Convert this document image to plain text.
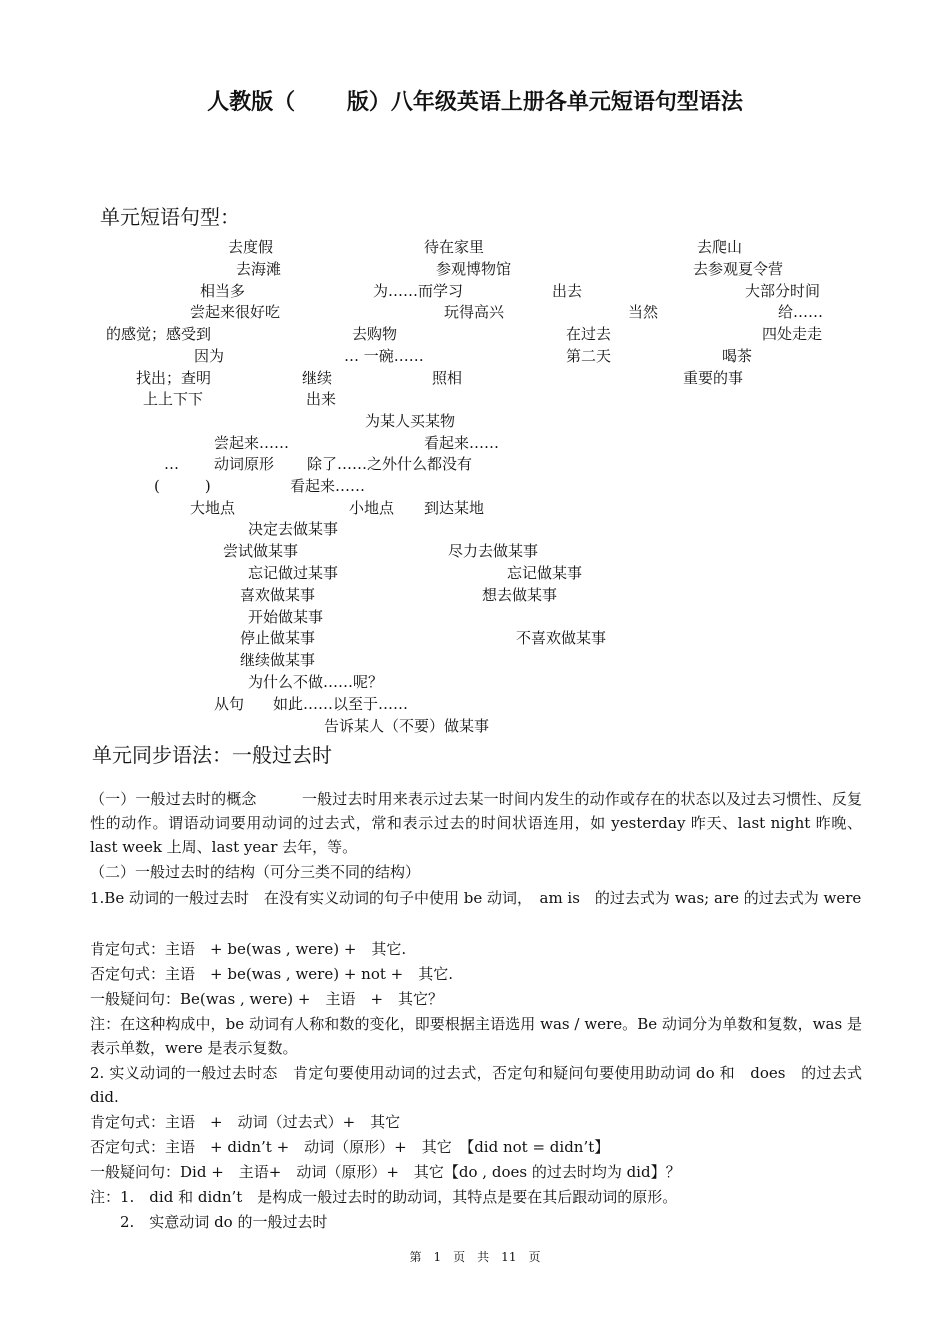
人教版（　　 版）八年级英语上册各单元短语句型语法
单元短语句型：
去度假	待在家里	去爬山
去海滩	参观博物馆	去参观夏令营
相当多	为……而学习	出去	大部分时间
尝起来很好吃	玩得高兴	当然	给……
的感觉；感受到	去购物	在过去	四处走走
因为	… 一碗……	第二天	喝茶
找出；查明	继续	照相	重要的事
上上下下	出来
为某人买某物
尝起来……	看起来……
… 动词原形 除了……之外什么都没有
(　　　)	看起来……
大地点	小地点 到达某地
决定去做某事
尝试做某事	尽力去做某事
忘记做过某事	忘记做某事
喜欢做某事	想去做某事
开始做某事
停止做某事	不喜欢做某事
继续做某事
为什么不做……呢？
从句 如此……以至于……
告诉某人（不要）做某事
单元同步语法：一般过去时
（一）一般过去时的概念　　　一般过去时用来表示过去某一时间内发生的动作或存在的状态以及过去习惯性、反复性的动作。谓语动词要用动词的过去式，常和表示过去的时间状语连用，如 yesterday 昨天、last night 昨晚、last week 上周、last year 去年，等。
（二）一般过去时的结构（可分三类不同的结构）
1.Be 动词的一般过去时　在没有实义动词的句子中使用 be 动词，　am is　的过去式为 was; are 的过去式为 were
肯定句式：主语　+ be(was , were) +　其它.
否定句式：主语　+ be(was , were) + not +　其它.
一般疑问句：Be(was , were) +　主语　+　其它？
注：在这种构成中，be 动词有人称和数的变化，即要根据主语选用 was / were。Be 动词分为单数和复数，was 是表示单数，were 是表示复数。
2. 实义动词的一般过去时态　肯定句要使用动词的过去式，否定句和疑问句要使用助动词 do 和　does　的过去式　did.
肯定句式：主语　+　动词（过去式）+　其它
否定句式：主语　+ didn’t +　动词（原形）+　其它　【did not = didn’t】
一般疑问句：Did +　主语+　动词（原形）+　其它【do , does 的过去时均为 did】？
注：1.　did 和 didn’t　是构成一般过去时的助动词，其特点是要在其后跟动词的原形。
　　2.　实意动词 do 的一般过去时
第　1　页　共　11　页
